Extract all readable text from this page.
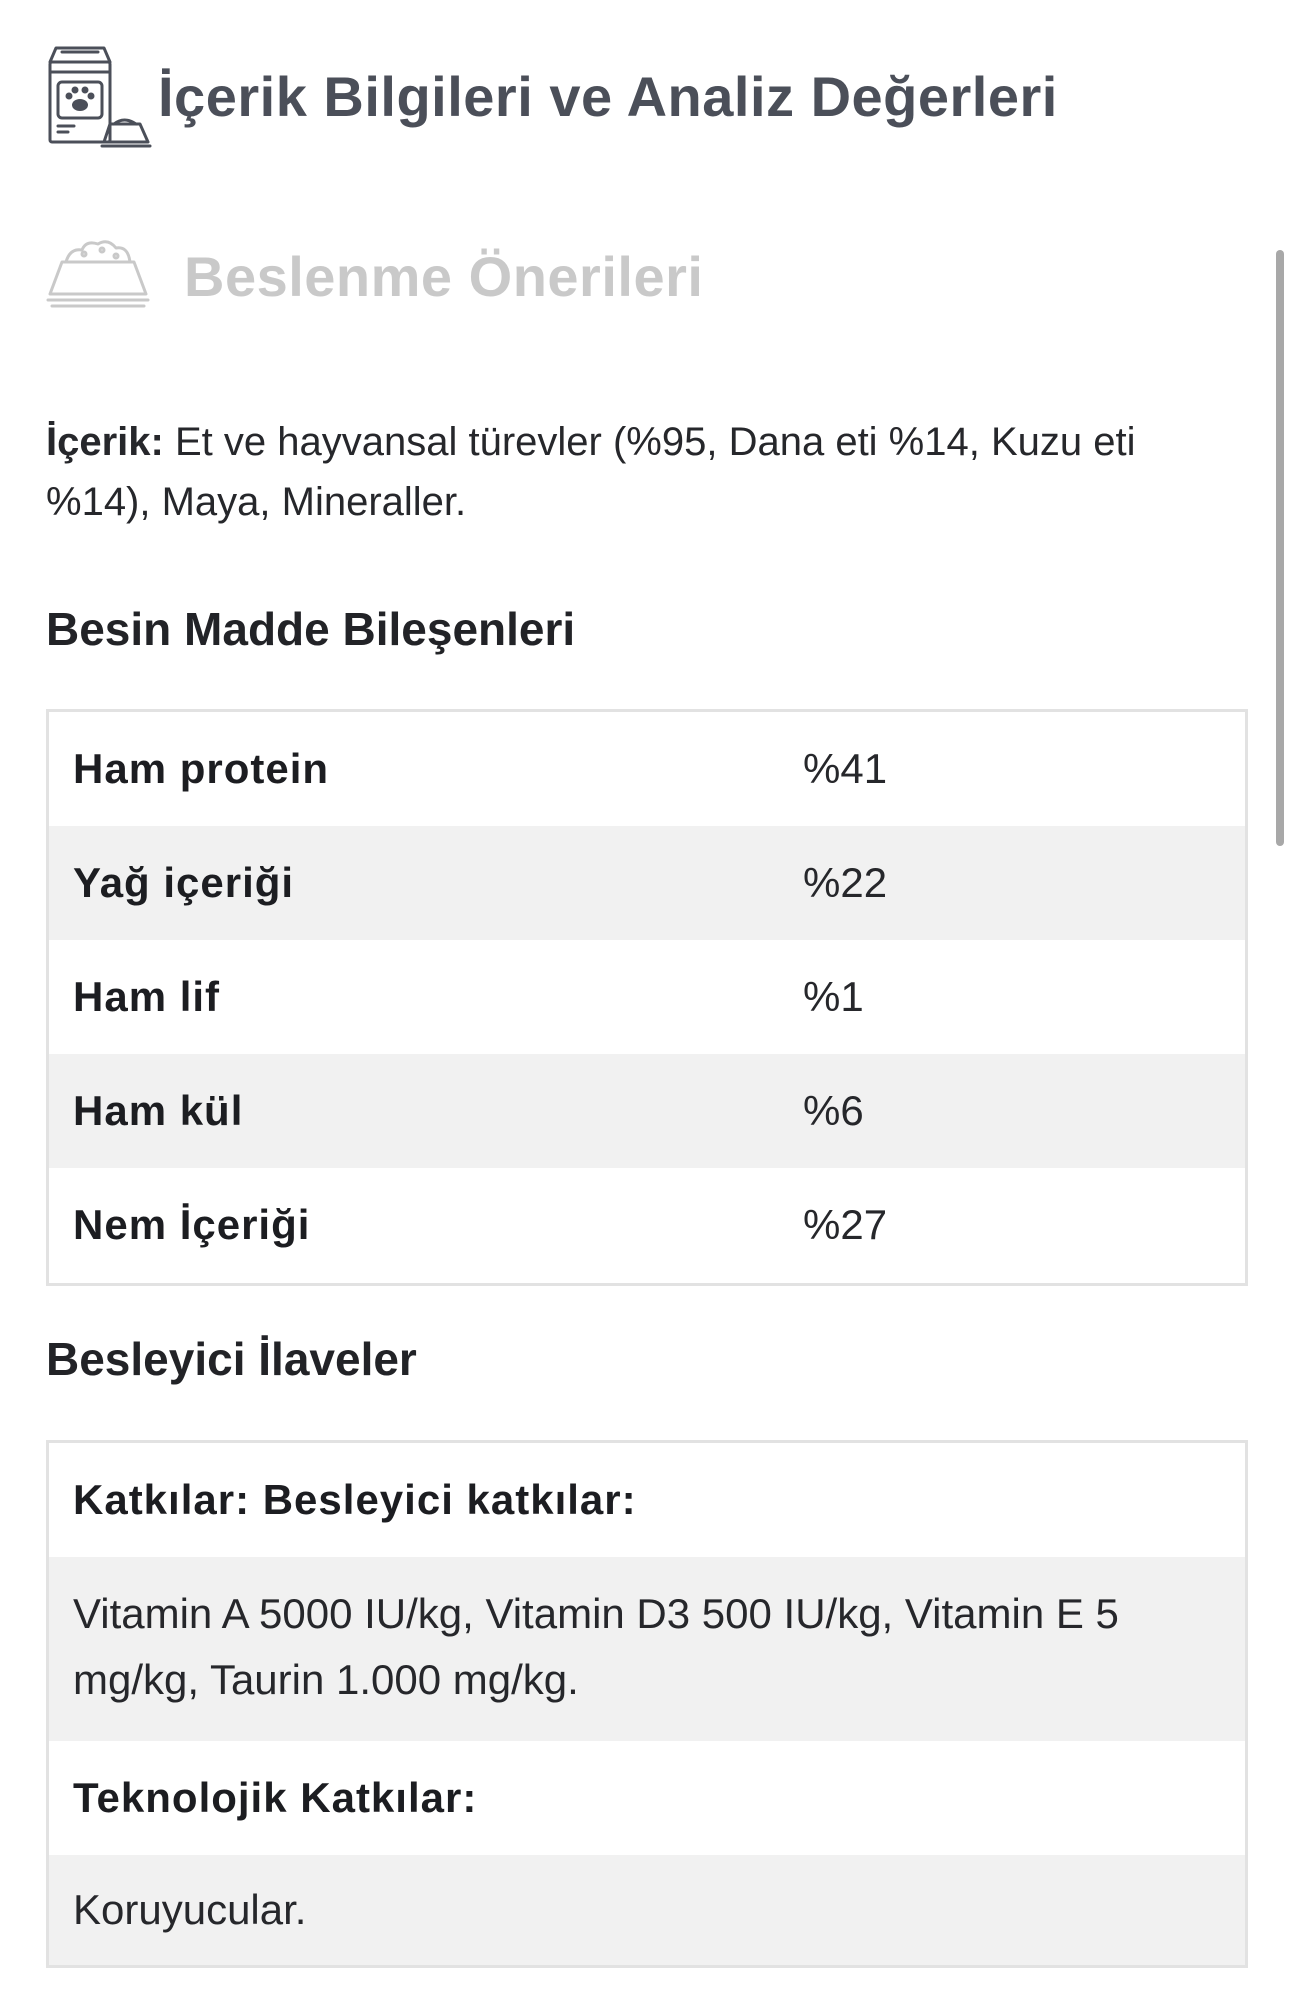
İçerik Bilgileri ve Analiz Değerleri
Beslenme Önerileri
İçerik: Et ve hayvansal türevler (%95, Dana eti %14, Kuzu eti %14), Maya, Mineraller.
Besin Madde Bileşenleri
Ham protein	%41
Yağ içeriği	%22
Ham lif	%1
Ham kül	%6
Nem İçeriği	%27
Besleyici İlaveler
Katkılar: Besleyici katkılar:
Vitamin A 5000 IU/kg, Vitamin D3 500 IU/kg, Vitamin E 5 mg/kg, Taurin 1.000 mg/kg.
Teknolojik Katkılar:
Koruyucular.
